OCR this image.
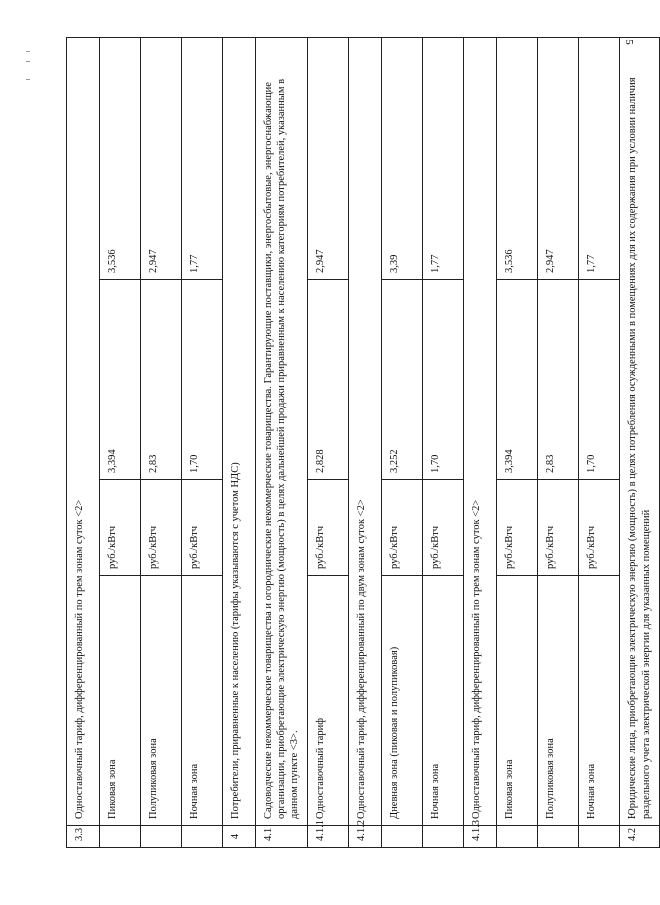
5
3.3	Одноставочный тариф, дифференцированный по трем зонам суток <2>			
	Пиковая зона	руб./кВтч	3,394	3,536
	Полупиковая зона	руб./кВтч	2,83	2,947
	Ночная зона	руб./кВтч	1,70	1,77
4	Потребители, приравненные к населению (тарифы указываются с учетом НДС)			
4.1	Садоводческие некоммерческие товарищества и огороднические некоммерческие товарищества. Гарантирующие поставщики, энергосбытовые, энергоснабжающие организации, приобретающие электрическую энергию (мощность) в целях дальнейшей продажи приравненным к населению категориям потребителей, указанным в данном пункте <3>.			
4.1.1	Одноставочный тариф	руб./кВтч	2,828	2,947
4.1.2	Одноставочный тариф, дифференцированный по двум зонам суток <2>			
	Дневная зона (пиковая и полупиковая)	руб./кВтч	3,252	3,39
	Ночная зона	руб./кВтч	1,70	1,77
4.1.3	Одноставочный тариф, дифференцированный по трем зонам суток <2>			
	Пиковая зона	руб./кВтч	3,394	3,536
	Полупиковая зона	руб./кВтч	2,83	2,947
	Ночная зона	руб./кВтч	1,70	1,77
4.2	Юридические лица, приобретающие электрическую энергию (мощность) в целях потребления осужденными в помещениях для их содержания при условии наличия раздельного учета электрической энергии для указанных помещений			
